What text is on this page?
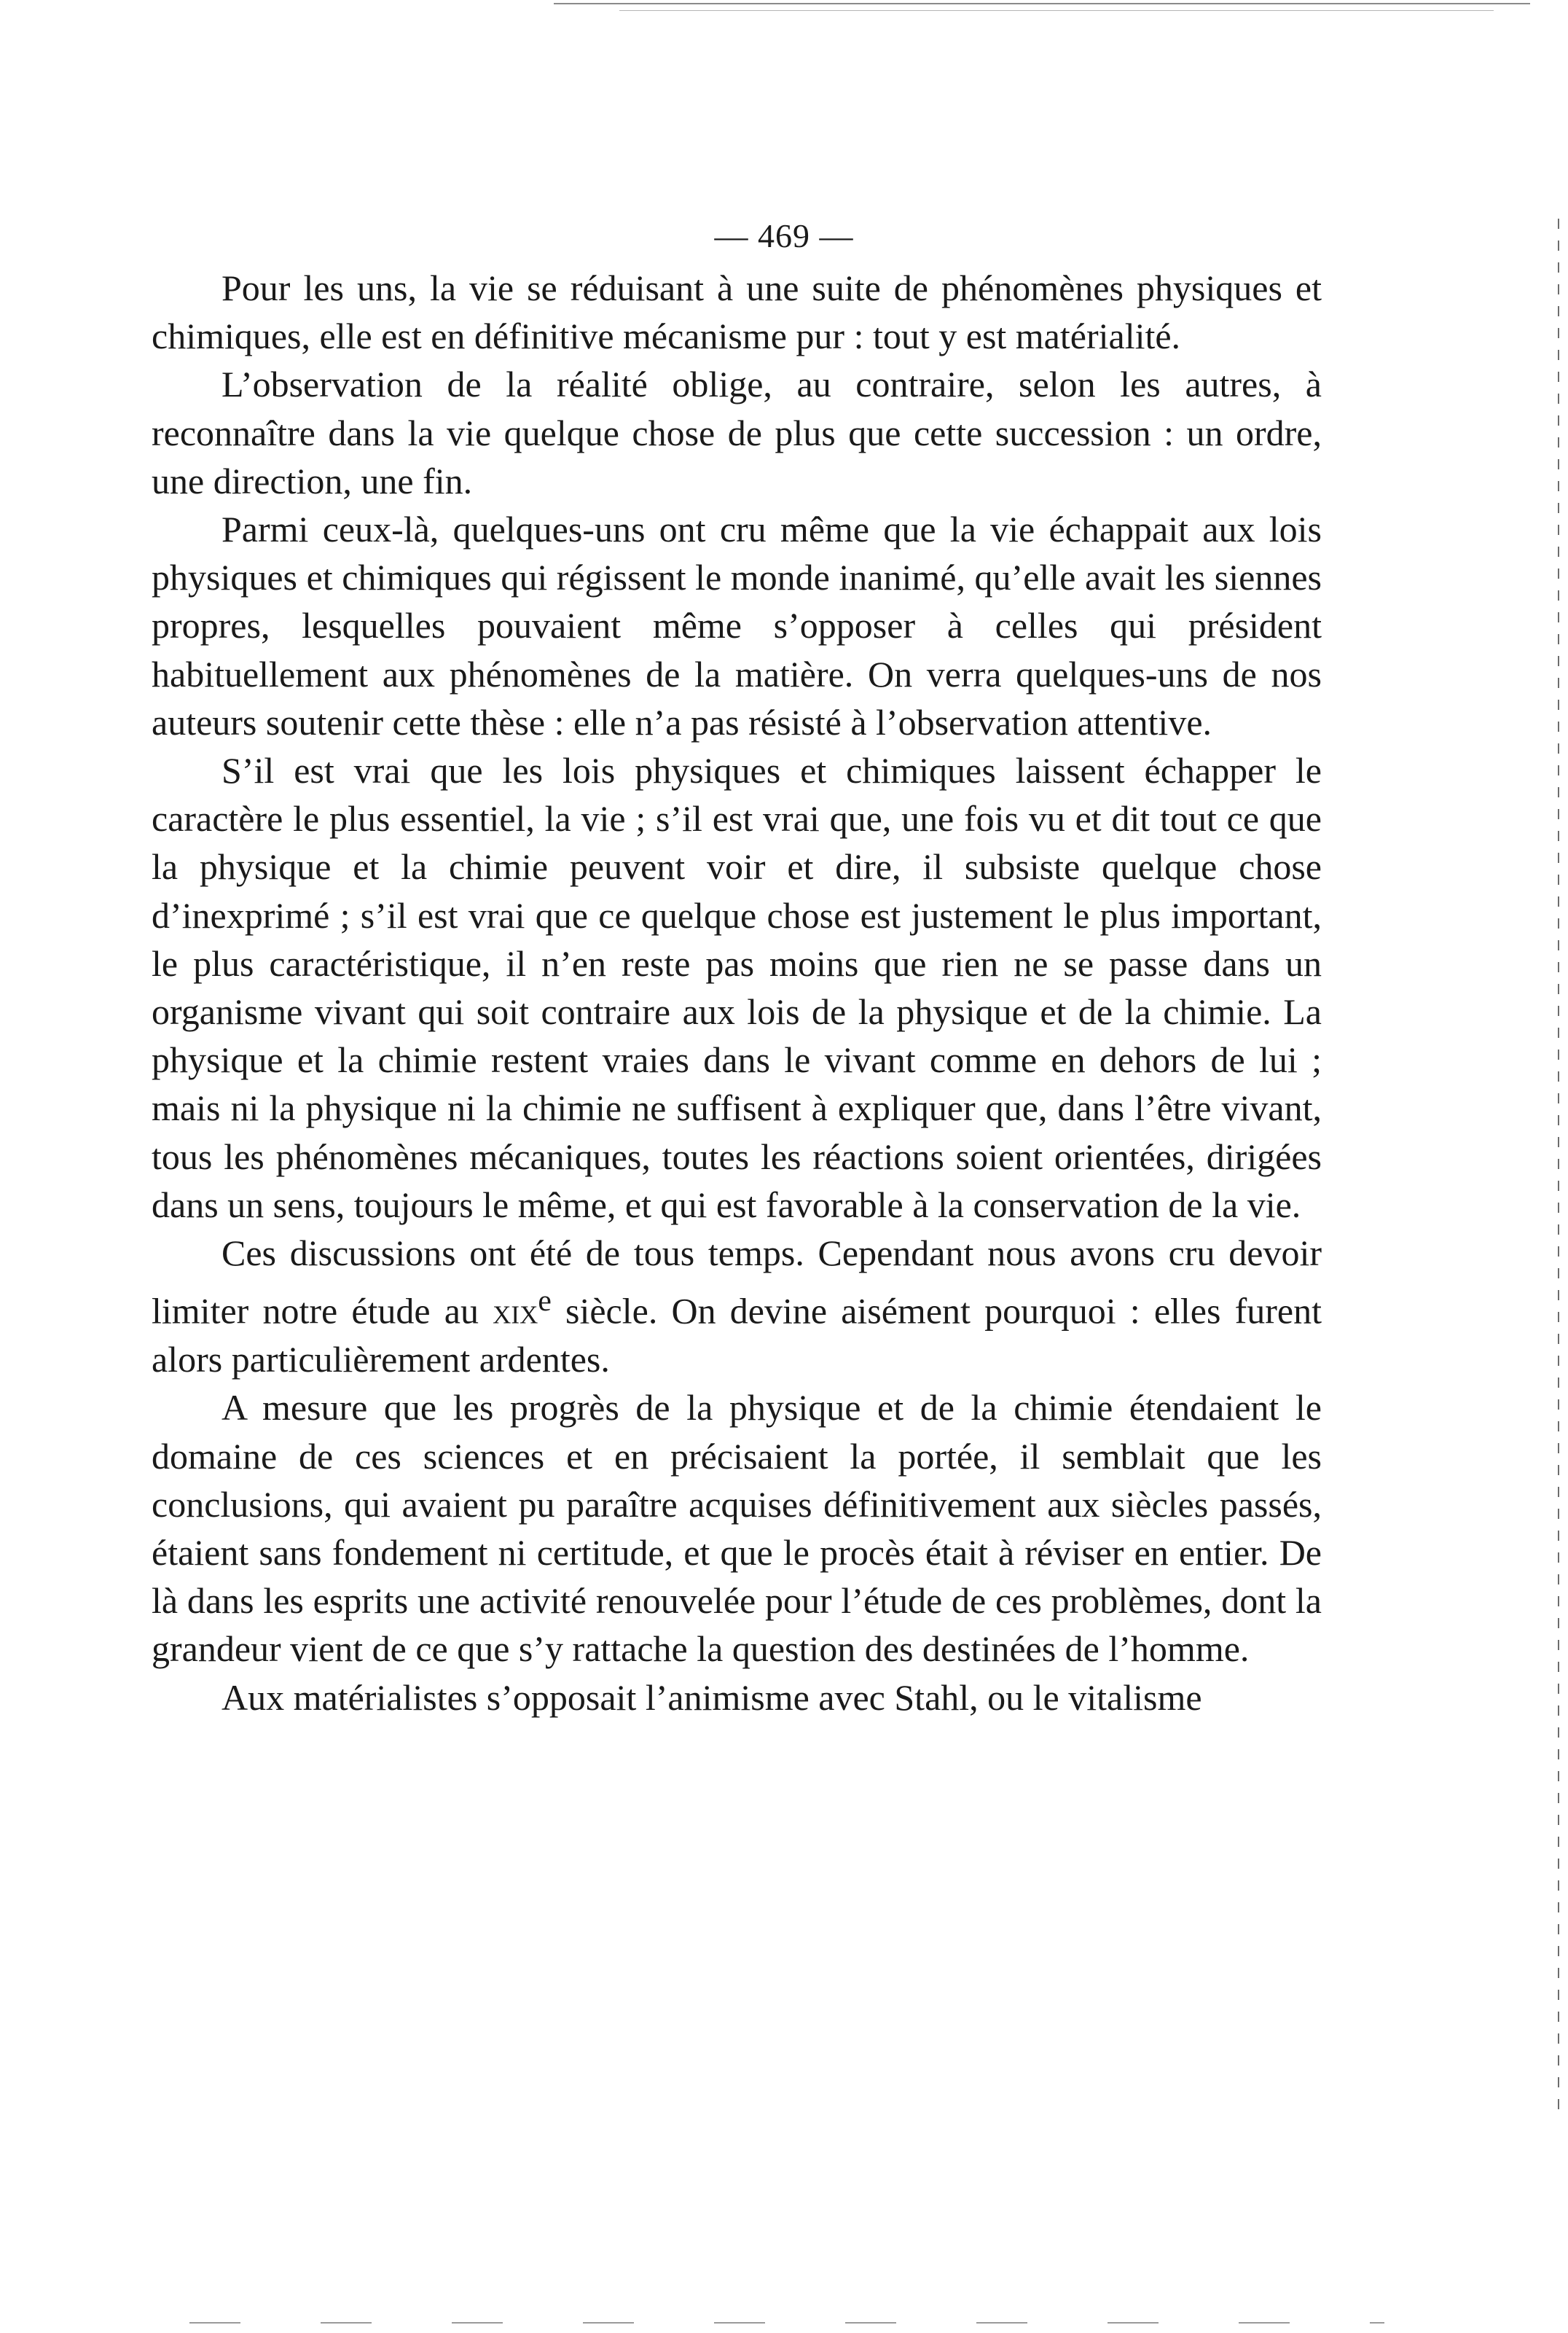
— 469 —

Pour les uns, la vie se réduisant à une suite de phénomènes physiques et chimiques, elle est en définitive mécanisme pur : tout y est matérialité.

L’observation de la réalité oblige, au contraire, selon les autres, à reconnaître dans la vie quelque chose de plus que cette succession : un ordre, une direction, une fin.

Parmi ceux-là, quelques-uns ont cru même que la vie échappait aux lois physiques et chimiques qui régissent le monde inanimé, qu’elle avait les siennes propres, lesquelles pouvaient même s’opposer à celles qui président habituellement aux phénomènes de la matière. On verra quelques-uns de nos auteurs soutenir cette thèse : elle n’a pas résisté à l’observation attentive.

S’il est vrai que les lois physiques et chimiques laissent échapper le caractère le plus essentiel, la vie ; s’il est vrai que, une fois vu et dit tout ce que la physique et la chimie peuvent voir et dire, il subsiste quelque chose d’inexprimé ; s’il est vrai que ce quelque chose est justement le plus important, le plus caractéristique, il n’en reste pas moins que rien ne se passe dans un organisme vivant qui soit contraire aux lois de la physique et de la chimie. La physique et la chimie restent vraies dans le vivant comme en dehors de lui ; mais ni la physique ni la chimie ne suffisent à expliquer que, dans l’être vivant, tous les phénomènes mécaniques, toutes les réactions soient orientées, dirigées dans un sens, toujours le même, et qui est favorable à la conservation de la vie.

Ces discussions ont été de tous temps. Cependant nous avons cru devoir limiter notre étude au xix$^e$ siècle. On devine aisément pourquoi : elles furent alors particulièrement ardentes.

A mesure que les progrès de la physique et de la chimie étendaient le domaine de ces sciences et en précisaient la portée, il semblait que les conclusions, qui avaient pu paraître acquises définitivement aux siècles passés, étaient sans fondement ni certitude, et que le procès était à réviser en entier. De là dans les esprits une activité renouvelée pour l’étude de ces problèmes, dont la grandeur vient de ce que s’y rattache la question des destinées de l’homme.

Aux matérialistes s’opposait l’animisme avec Stahl, ou le vitalisme
